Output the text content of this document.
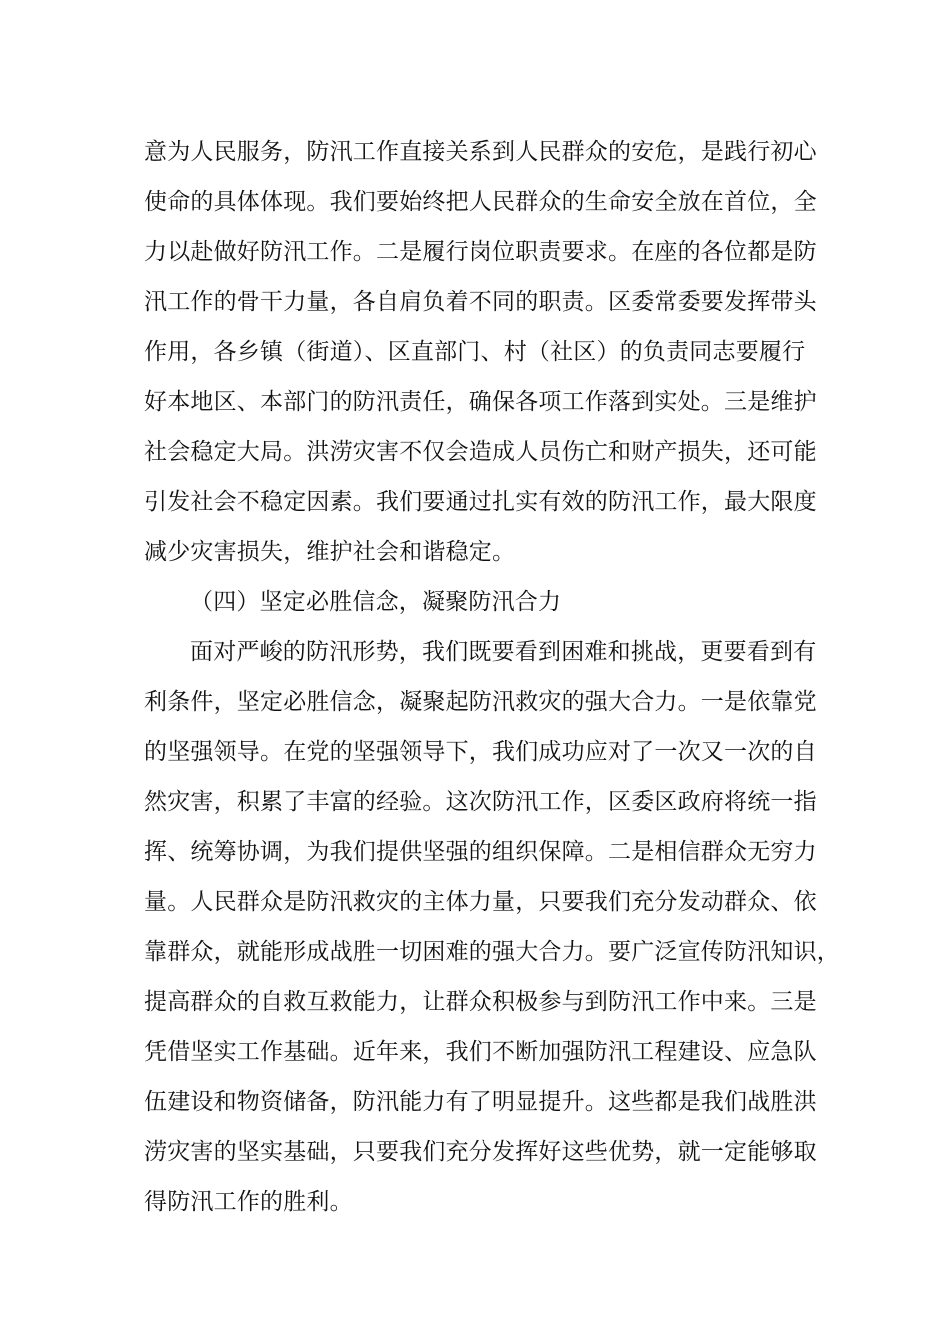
意为人民服务，防汛工作直接关系到人民群众的安危，是践行初心
使命的具体体现。我们要始终把人民群众的生命安全放在首位，全
力以赴做好防汛工作。二是履行岗位职责要求。在座的各位都是防
汛工作的骨干力量，各自肩负着不同的职责。区委常委要发挥带头
作用，各乡镇（街道）、区直部门、村（社区）的负责同志要履行
好本地区、本部门的防汛责任，确保各项工作落到实处。三是维护
社会稳定大局。洪涝灾害不仅会造成人员伤亡和财产损失，还可能
引发社会不稳定因素。我们要通过扎实有效的防汛工作，最大限度
减少灾害损失，维护社会和谐稳定。
（四）坚定必胜信念，凝聚防汛合力
面对严峻的防汛形势，我们既要看到困难和挑战，更要看到有
利条件，坚定必胜信念，凝聚起防汛救灾的强大合力。一是依靠党
的坚强领导。在党的坚强领导下，我们成功应对了一次又一次的自
然灾害，积累了丰富的经验。这次防汛工作，区委区政府将统一指
挥、统筹协调，为我们提供坚强的组织保障。二是相信群众无穷力
量。人民群众是防汛救灾的主体力量，只要我们充分发动群众、依
靠群众，就能形成战胜一切困难的强大合力。要广泛宣传防汛知识，
提高群众的自救互救能力，让群众积极参与到防汛工作中来。三是
凭借坚实工作基础。近年来，我们不断加强防汛工程建设、应急队
伍建设和物资储备，防汛能力有了明显提升。这些都是我们战胜洪
涝灾害的坚实基础，只要我们充分发挥好这些优势，就一定能够取
得防汛工作的胜利。
